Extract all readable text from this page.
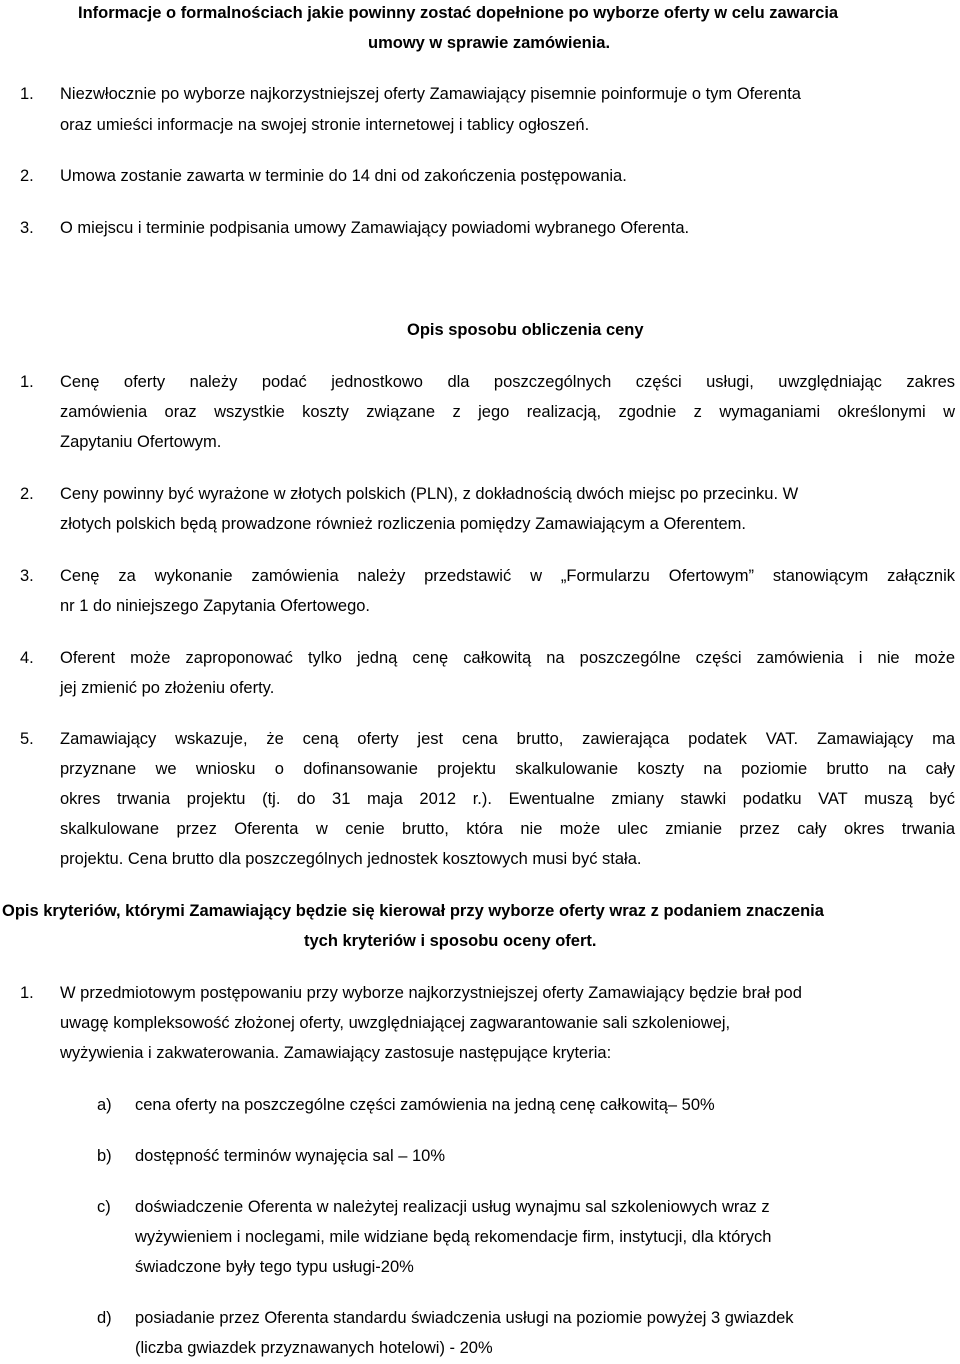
Informacje o formalnościach jakie powinny zostać dopełnione po wyborze oferty w celu zawarcia
umowy w sprawie zamówienia.
1. Niezwłocznie po wyborze najkorzystniejszej oferty Zamawiający pisemnie poinformuje o tym Oferenta
oraz umieści informacje na swojej stronie internetowej i tablicy ogłoszeń.
2. Umowa zostanie zawarta w terminie do 14 dni od zakończenia postępowania.
3. O miejscu i terminie podpisania umowy Zamawiający powiadomi wybranego Oferenta.
Opis sposobu obliczenia ceny
1. Cenę oferty należy podać jednostkowo dla poszczególnych części usługi, uwzględniając zakres
zamówienia oraz wszystkie koszty związane z jego realizacją, zgodnie z wymaganiami określonymi w
Zapytaniu Ofertowym.
2. Ceny powinny być wyrażone w złotych polskich (PLN), z dokładnością dwóch miejsc po przecinku. W
złotych polskich będą prowadzone również rozliczenia pomiędzy Zamawiającym a Oferentem.
3. Cenę za wykonanie zamówienia należy przedstawić w „Formularzu Ofertowym” stanowiącym załącznik
nr 1 do niniejszego Zapytania Ofertowego.
4. Oferent może zaproponować tylko jedną cenę całkowitą na poszczególne części zamówienia i nie może
jej zmienić po złożeniu oferty.
5. Zamawiający wskazuje, że ceną oferty jest cena brutto, zawierająca podatek VAT. Zamawiający ma
przyznane we wniosku o dofinansowanie projektu skalkulowanie koszty na poziomie brutto na cały
okres trwania projektu (tj. do 31 maja 2012 r.). Ewentualne zmiany stawki podatku VAT muszą być
skalkulowane przez Oferenta w cenie brutto, która nie może ulec zmianie przez cały okres trwania
projektu. Cena brutto dla poszczególnych jednostek kosztowych musi być stała.
Opis kryteriów, którymi Zamawiający będzie się kierował przy wyborze oferty wraz z podaniem znaczenia
tych kryteriów i sposobu oceny ofert.
1. W przedmiotowym postępowaniu przy wyborze najkorzystniejszej oferty Zamawiający będzie brał pod
uwagę kompleksowość złożonej oferty, uwzględniającej zagwarantowanie sali szkoleniowej,
wyżywienia i zakwaterowania. Zamawiający zastosuje następujące kryteria:
a) cena oferty na poszczególne części zamówienia na jedną cenę całkowitą– 50%
b) dostępność terminów wynajęcia sal – 10%
c) doświadczenie Oferenta w należytej realizacji usług wynajmu sal szkoleniowych wraz z
wyżywieniem i noclegami, mile widziane będą rekomendacje firm, instytucji, dla których
świadczone były tego typu usługi-20%
d) posiadanie przez Oferenta standardu świadczenia usługi na poziomie powyżej 3 gwiazdek
(liczba gwiazdek przyznawanych hotelowi) - 20%
